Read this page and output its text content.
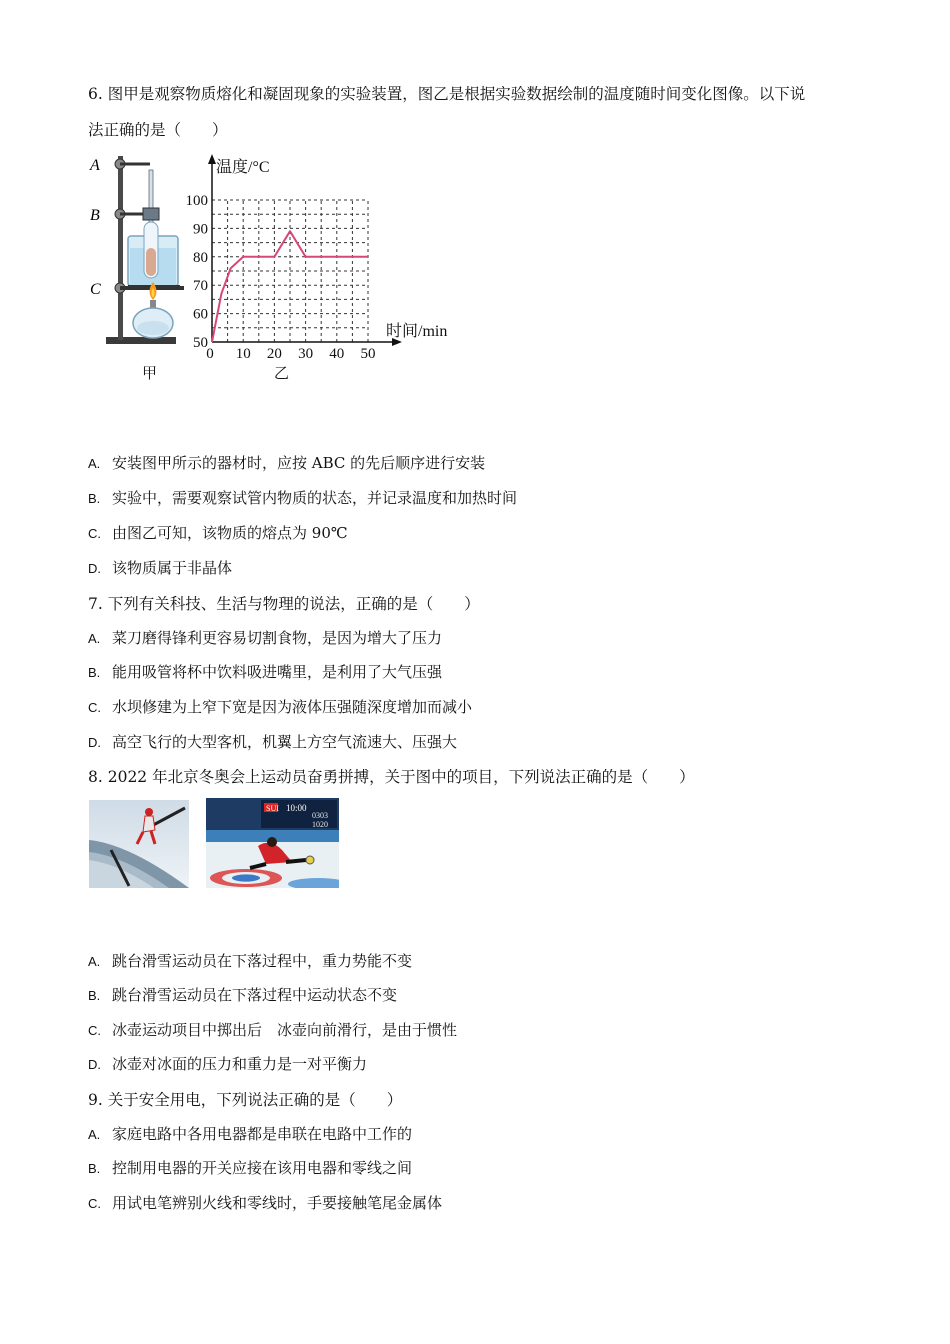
6. 图甲是观察物质熔化和凝固现象的实验装置，图乙是根据实验数据绘制的温度随时间变化图像。以下说
法正确的是（　　）
A
B
C
甲
50
60
70
80
90
100
0 10 20 30 40 50
温度/°C
时间/min
乙
A. 安装图甲所示的器材时，应按 ABC 的先后顺序进行安装
B. 实验中，需要观察试管内物质的状态，并记录温度和加热时间
C. 由图乙可知，该物质的熔点为 90℃
D. 该物质属于非晶体
7. 下列有关科技、生活与物理的说法，正确的是（　　）
A. 菜刀磨得锋利更容易切割食物，是因为增大了压力
B. 能用吸管将杯中饮料吸进嘴里，是利用了大气压强
C. 水坝修建为上窄下宽是因为液体压强随深度增加而减小
D. 高空飞行的大型客机，机翼上方空气流速大、压强大
8. 2022 年北京冬奥会上运动员奋勇拼搏，关于图中的项目，下列说法正确的是（　　）
SUI 10:00
0303
1020
A. 跳台滑雪运动员在下落过程中，重力势能不变
B. 跳台滑雪运动员在下落过程中运动状态不变
C. 冰壶运动项目中掷出后　冰壶向前滑行，是由于惯性
D. 冰壶对冰面的压力和重力是一对平衡力
9. 关于安全用电，下列说法正确的是（　　）
A. 家庭电路中各用电器都是串联在电路中工作的
B. 控制用电器的开关应接在该用电器和零线之间
C. 用试电笔辨别火线和零线时，手要接触笔尾金属体
